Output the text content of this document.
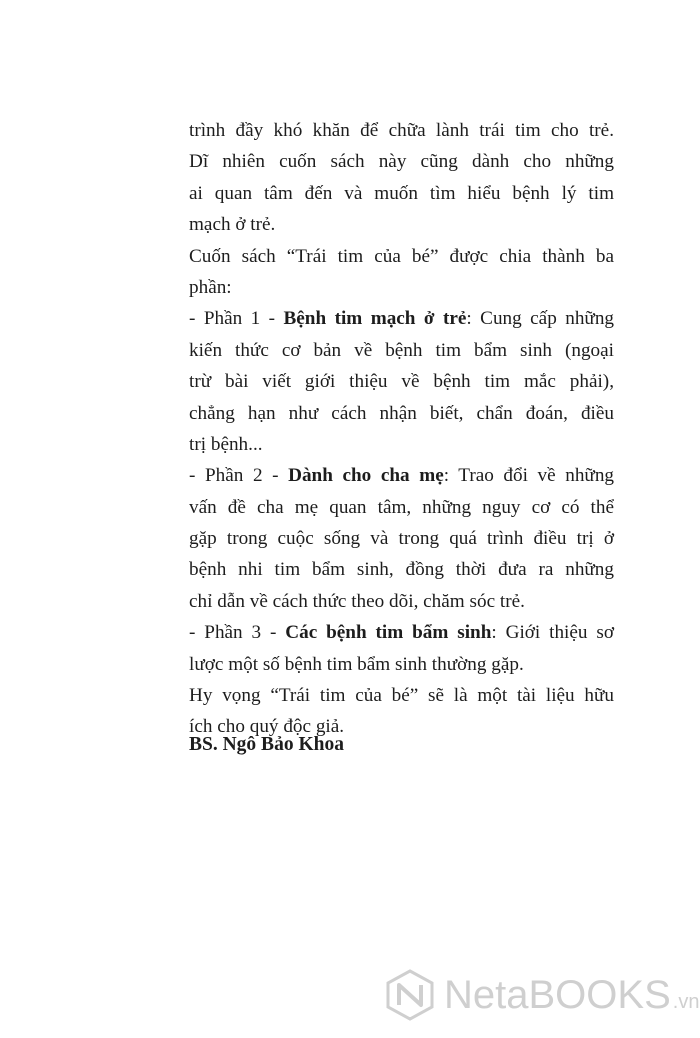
trình đầy khó khăn để chữa lành trái tim cho trẻ.
Dĩ nhiên cuốn sách này cũng dành cho những
ai quan tâm đến và muốn tìm hiểu bệnh lý tim
mạch ở trẻ.
Cuốn sách “Trái tim của bé” được chia thành ba
phần:
- Phần 1 - Bệnh tim mạch ở trẻ: Cung cấp những
kiến thức cơ bản về bệnh tim bẩm sinh (ngoại
trừ bài viết giới thiệu về bệnh tim mắc phải),
chẳng hạn như cách nhận biết, chẩn đoán, điều
trị bệnh...
- Phần 2 - Dành cho cha mẹ: Trao đổi về những
vấn đề cha mẹ quan tâm, những nguy cơ có thể
gặp trong cuộc sống và trong quá trình điều trị ở
bệnh nhi tim bẩm sinh, đồng thời đưa ra những
chỉ dẫn về cách thức theo dõi, chăm sóc trẻ.
- Phần 3 - Các bệnh tim bẩm sinh: Giới thiệu sơ
lược một số bệnh tim bẩm sinh thường gặp.
Hy vọng “Trái tim của bé” sẽ là một tài liệu hữu
ích cho quý độc giả.
BS. Ngô Bảo Khoa
NetaBOOKS .vn
